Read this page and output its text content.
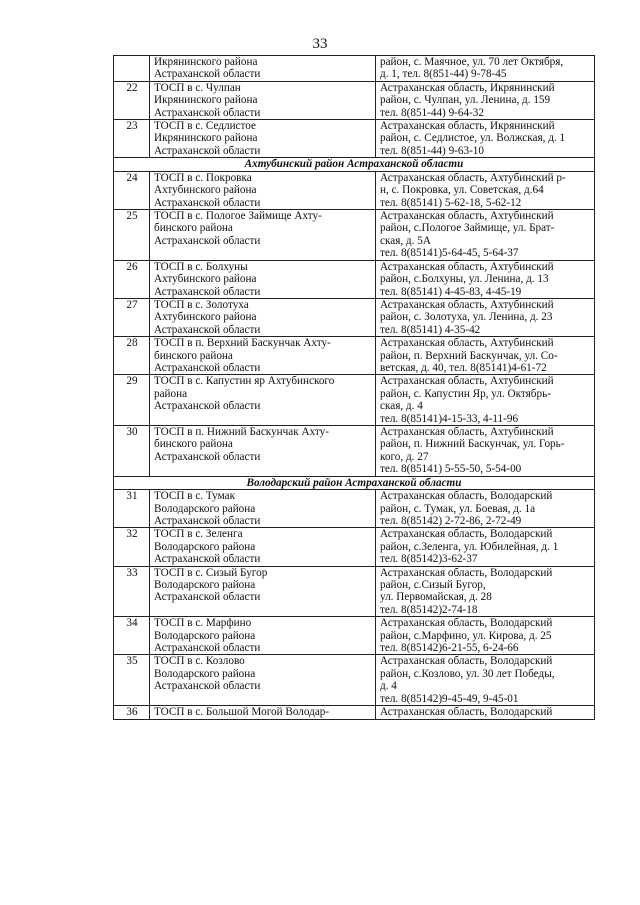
33
	Икрянинского района
Астраханской области	район, с. Маячное, ул. 70 лет Октября,
д. 1, тел. 8(851-44) 9-78-45
22	ТОСП в с. Чулпан
Икрянинского района
Астраханской области	Астраханская область, Икрянинский
район, с. Чулпан, ул. Ленина, д. 159
тел. 8(851-44) 9-64-32
23	ТОСП в с. Седлистое
Икрянинского района
Астраханской области	Астраханская область, Икрянинский
район, с. Седлистое, ул. Волжская, д. 1
тел. 8(851-44) 9-63-10
Ахтубинский район Астраханской области		
24	ТОСП в с. Покровка
Ахтубинского района
Астраханской области	Астраханская область, Ахтубинский р-
н, с. Покровка, ул. Советская, д.64
тел. 8(85141) 5-62-18, 5-62-12
25	ТОСП в с. Пологое Займище Ахту-
бинского района
Астраханской области	Астраханская область, Ахтубинский
район, с.Пологое Займище, ул. Брат-
ская, д. 5А
тел. 8(85141)5-64-45, 5-64-37
26	ТОСП в с. Болхуны
Ахтубинского района
Астраханской области	Астраханская область, Ахтубинский
район, с.Болхуны, ул. Ленина, д. 13
тел. 8(85141) 4-45-83, 4-45-19
27	ТОСП в с. Золотуха
Ахтубинского района
Астраханской области	Астраханская область, Ахтубинский
район, с. Золотуха, ул. Ленина, д. 23
тел. 8(85141) 4-35-42
28	ТОСП в п. Верхний Баскунчак Ахту-
бинского района
Астраханской области	Астраханская область, Ахтубинский
район, п. Верхний Баскунчак, ул. Со-
ветская, д. 40, тел. 8(85141)4-61-72
29	ТОСП в с. Капустин яр Ахтубинского
района
Астраханской области	Астраханская область, Ахтубинский
район, с. Капустин Яр, ул. Октябрь-
ская, д. 4
тел. 8(85141)4-15-33, 4-11-96
30	ТОСП в п. Нижний Баскунчак Ахту-
бинского района
Астраханской области	Астраханская область, Ахтубинский
район, п. Нижний Баскунчак, ул. Горь-
кого, д. 27
тел. 8(85141) 5-55-50, 5-54-00
Володарский район Астраханской области		
31	ТОСП в с. Тумак
Володарского района
Астраханской области	Астраханская область, Володарский
район, с. Тумак, ул. Боевая, д. 1а
тел. 8(85142) 2-72-86, 2-72-49
32	ТОСП в с. Зеленга
Володарского района
Астраханской области	Астраханская область, Володарский
район, с.Зеленга, ул. Юбилейная, д. 1
тел. 8(85142)3-62-37
33	ТОСП в с. Сизый Бугор
Володарского района
Астраханской области	Астраханская область, Володарский
район, с.Сизый Бугор,
ул. Первомайская, д. 28
тел. 8(85142)2-74-18
34	ТОСП в с. Марфино
Володарского района
Астраханской области	Астраханская область, Володарский
район, с.Марфино, ул. Кирова, д. 25
тел. 8(85142)6-21-55, 6-24-66
35	ТОСП в с. Козлово
Володарского района
Астраханской области	Астраханская область, Володарский
район, с.Козлово, ул. 30 лет Победы,
д. 4
тел. 8(85142)9-45-49, 9-45-01
36	ТОСП в с. Большой Могой Володар-	Астраханская область, Володарский
